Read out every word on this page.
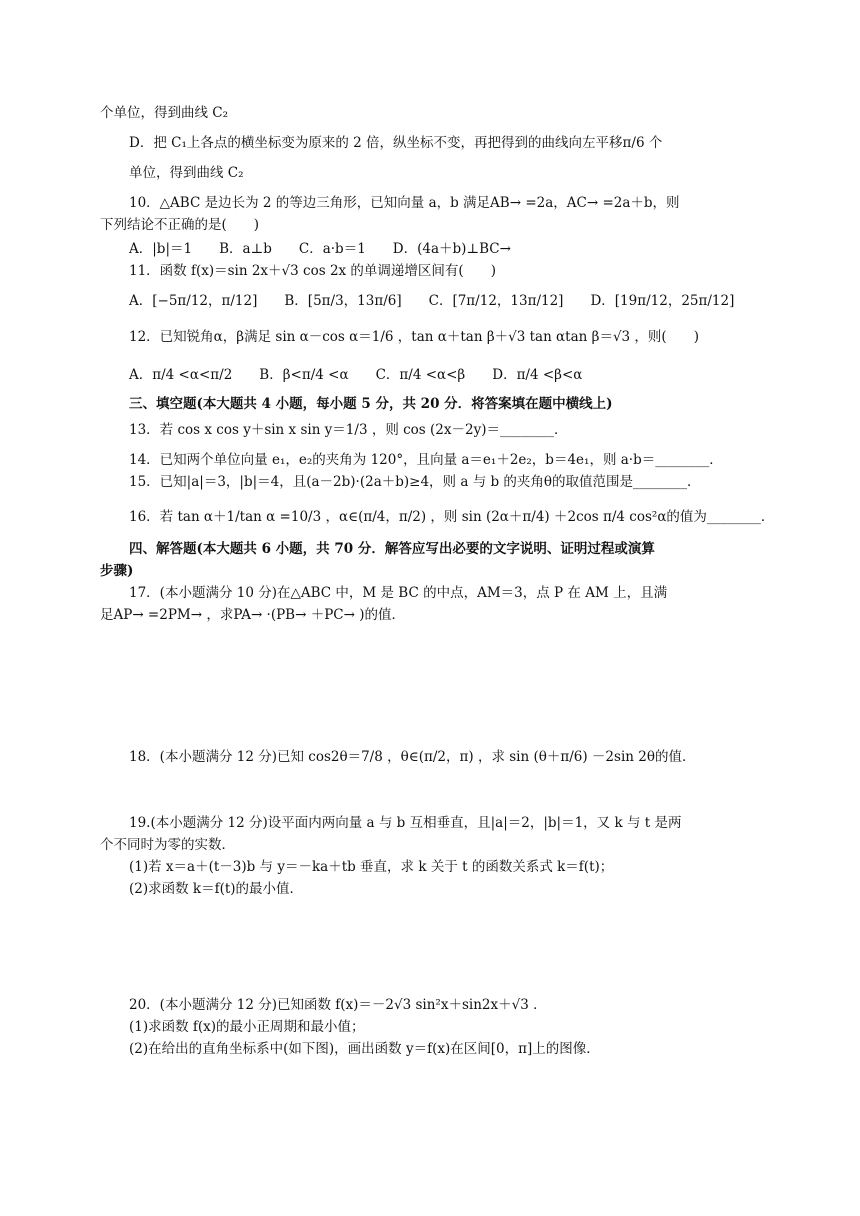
个单位，得到曲线 C₂
D．把 C₁上各点的横坐标变为原来的 2 倍，纵坐标不变，再把得到的曲线向左平移π/6 个
单位，得到曲线 C₂
10．△ABC 是边长为 2 的等边三角形，已知向量 a，b 满足AB→ =2a，AC→ =2a＋b，则
下列结论不正确的是(　　)
A．|b|＝1　　B．a⊥b　　C．a·b＝1　　D．(4a＋b)⊥BC→
11．函数 f(x)＝sin 2x＋√3 cos 2x 的单调递增区间有(　　)
A．[−5π/12，π/12]　　B．[5π/3，13π/6]　　C．[7π/12，13π/12]　　D．[19π/12，25π/12]
12．已知锐角α，β满足 sin α－cos α＝1/6 ，tan α＋tan β＋√3 tan αtan β＝√3 ，则(　　)
A．π/4 <α<π/2　　B．β<π/4 <α　　C．π/4 <α<β　　D．π/4 <β<α
三、填空题(本大题共 4 小题，每小题 5 分，共 20 分．将答案填在题中横线上)
13．若 cos x cos y＋sin x sin y＝1/3 ，则 cos (2x－2y)＝________．
14．已知两个单位向量 e₁，e₂的夹角为 120°，且向量 a＝e₁＋2e₂，b＝4e₁，则 a·b＝________．
15．已知|a|＝3，|b|＝4，且(a－2b)·(2a＋b)≥4，则 a 与 b 的夹角θ的取值范围是________．
16．若 tan α＋1/tan α =10/3 ，α∈(π/4，π/2) ，则 sin (2α＋π/4) ＋2cos π/4 cos²α的值为________．
四、解答题(本大题共 6 小题，共 70 分．解答应写出必要的文字说明、证明过程或演算
步骤)
17．(本小题满分 10 分)在△ABC 中，M 是 BC 的中点，AM＝3，点 P 在 AM 上，且满
足AP→ =2PM→ ，求PA→ ·(PB→ ＋PC→ )的值．
18．(本小题满分 12 分)已知 cos2θ＝7/8 ，θ∈(π/2，π) ，求 sin (θ＋π/6) －2sin 2θ的值．
19.(本小题满分 12 分)设平面内两向量 a 与 b 互相垂直，且|a|＝2，|b|＝1，又 k 与 t 是两
个不同时为零的实数．
(1)若 x＝a＋(t－3)b 与 y＝－ka＋tb 垂直，求 k 关于 t 的函数关系式 k＝f(t)；
(2)求函数 k＝f(t)的最小值．
20．(本小题满分 12 分)已知函数 f(x)＝－2√3 sin²x＋sin2x＋√3 ．
(1)求函数 f(x)的最小正周期和最小值；
(2)在给出的直角坐标系中(如下图)，画出函数 y＝f(x)在区间[0，π]上的图像．
